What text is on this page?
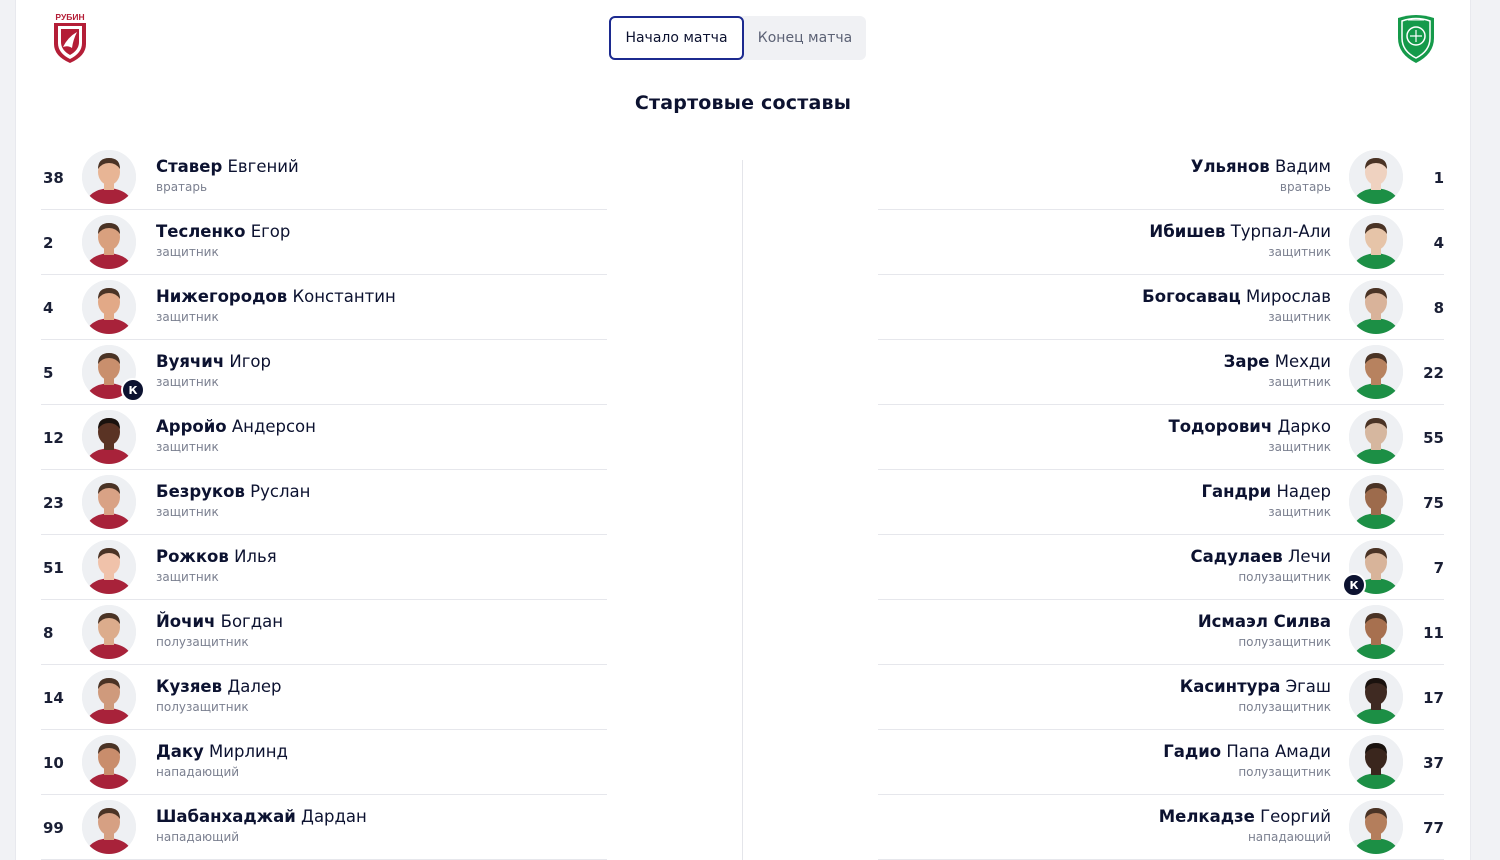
РУБИН
Начало матча	Конец матча
Стартовые составы
38
Ставер Евгений
вратарь
2
Тесленко Егор
защитник
4
Нижегородов Константин
защитник
5
К
Вуячич Игор
защитник
12
Арройо Андерсон
защитник
23
Безруков Руслан
защитник
51
Рожков Илья
защитник
8
Йочич Богдан
полузащитник
14
Кузяев Далер
полузащитник
10
Даку Мирлинд
нападающий
99
Шабанхаджай Дардан
нападающий
1
Ульянов Вадим
вратарь
4
Ибишев Турпал-Али
защитник
8
Богосавац Мирослав
защитник
22
Заре Мехди
защитник
55
Тодорович Дарко
защитник
75
Гандри Надер
защитник
7
К
Садулаев Лечи
полузащитник
11
Исмаэл Силва
полузащитник
17
Касинтура Эгаш
полузащитник
37
Гадио Папа Амади
полузащитник
77
Мелкадзе Георгий
нападающий
